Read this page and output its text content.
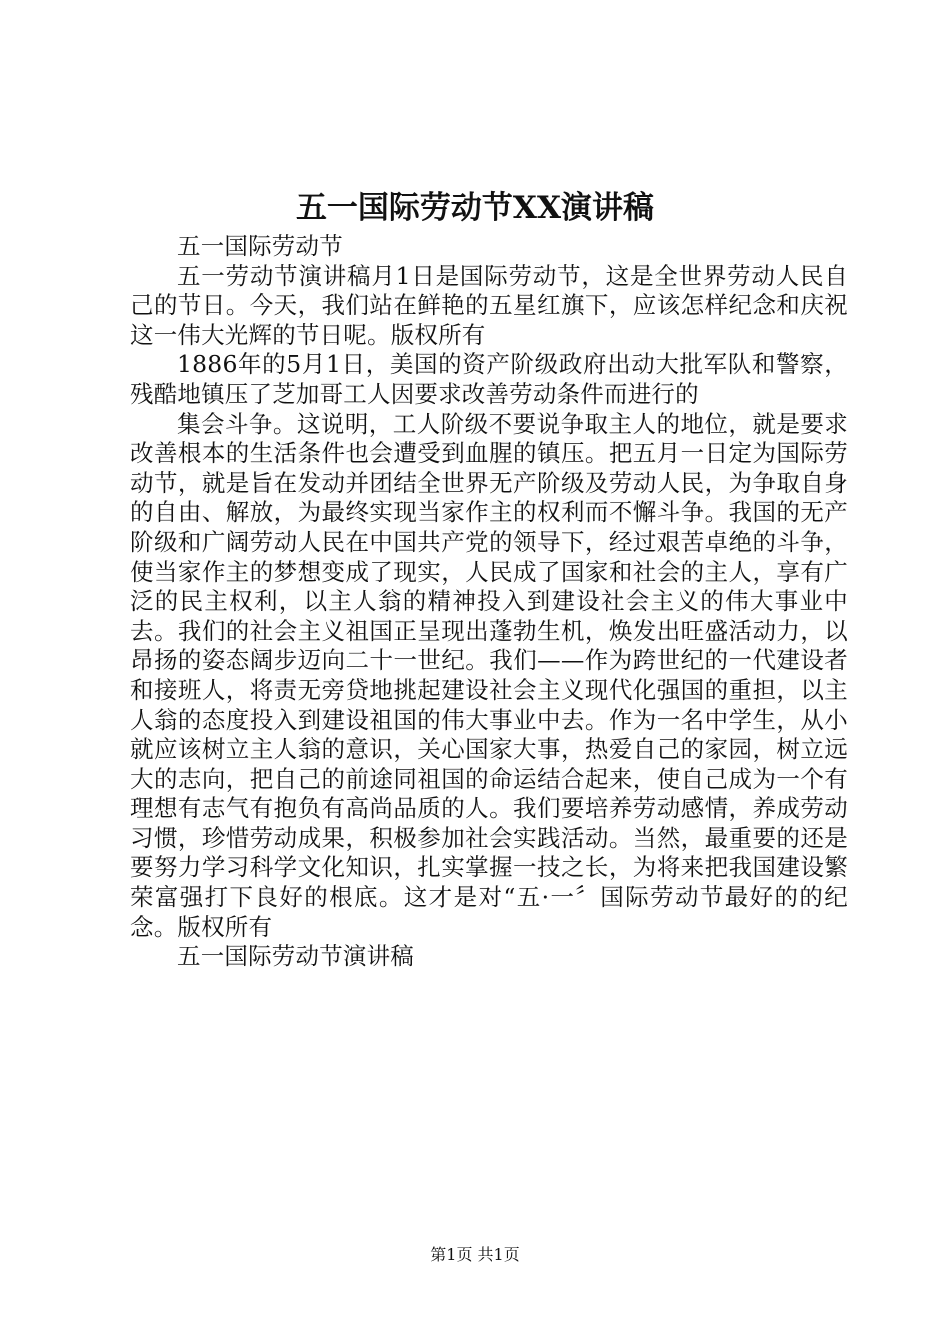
五一国际劳动节XX演讲稿

五一国际劳动节

五一劳动节演讲稿月1日是国际劳动节，这是全世界劳动人民自己的节日。今天，我们站在鲜艳的五星红旗下，应该怎样纪念和庆祝这一伟大光辉的节日呢。版权所有

1886年的5月1日，美国的资产阶级政府出动大批军队和警察，残酷地镇压了芝加哥工人因要求改善劳动条件而进行的

集会斗争。这说明，工人阶级不要说争取主人的地位，就是要求改善根本的生活条件也会遭受到血腥的镇压。把五月一日定为国际劳动节，就是旨在发动并团结全世界无产阶级及劳动人民，为争取自身的自由、解放，为最终实现当家作主的权利而不懈斗争。我国的无产阶级和广阔劳动人民在中国共产党的领导下，经过艰苦卓绝的斗争，使当家作主的梦想变成了现实，人民成了国家和社会的主人，享有广泛的民主权利，以主人翁的精神投入到建设社会主义的伟大事业中去。我们的社会主义祖国正呈现出蓬勃生机，焕发出旺盛活动力，以昂扬的姿态阔步迈向二十一世纪。我们——作为跨世纪的一代建设者和接班人，将责无旁贷地挑起建设社会主义现代化强国的重担，以主人翁的态度投入到建设祖国的伟大事业中去。作为一名中学生，从小就应该树立主人翁的意识，关心国家大事，热爱自己的家园，树立远大的志向，把自己的前途同祖国的命运结合起来，使自己成为一个有理想有志气有抱负有高尚品质的人。我们要培养劳动感情，养成劳动习惯，珍惜劳动成果，积极参加社会实践活动。当然，最重要的还是要努力学习科学文化知识，扎实掌握一技之长，为将来把我国建设繁荣富强打下良好的根底。这才是对“五·一〞国际劳动节最好的的纪念。版权所有

五一国际劳动节演讲稿

第1页 共1页
